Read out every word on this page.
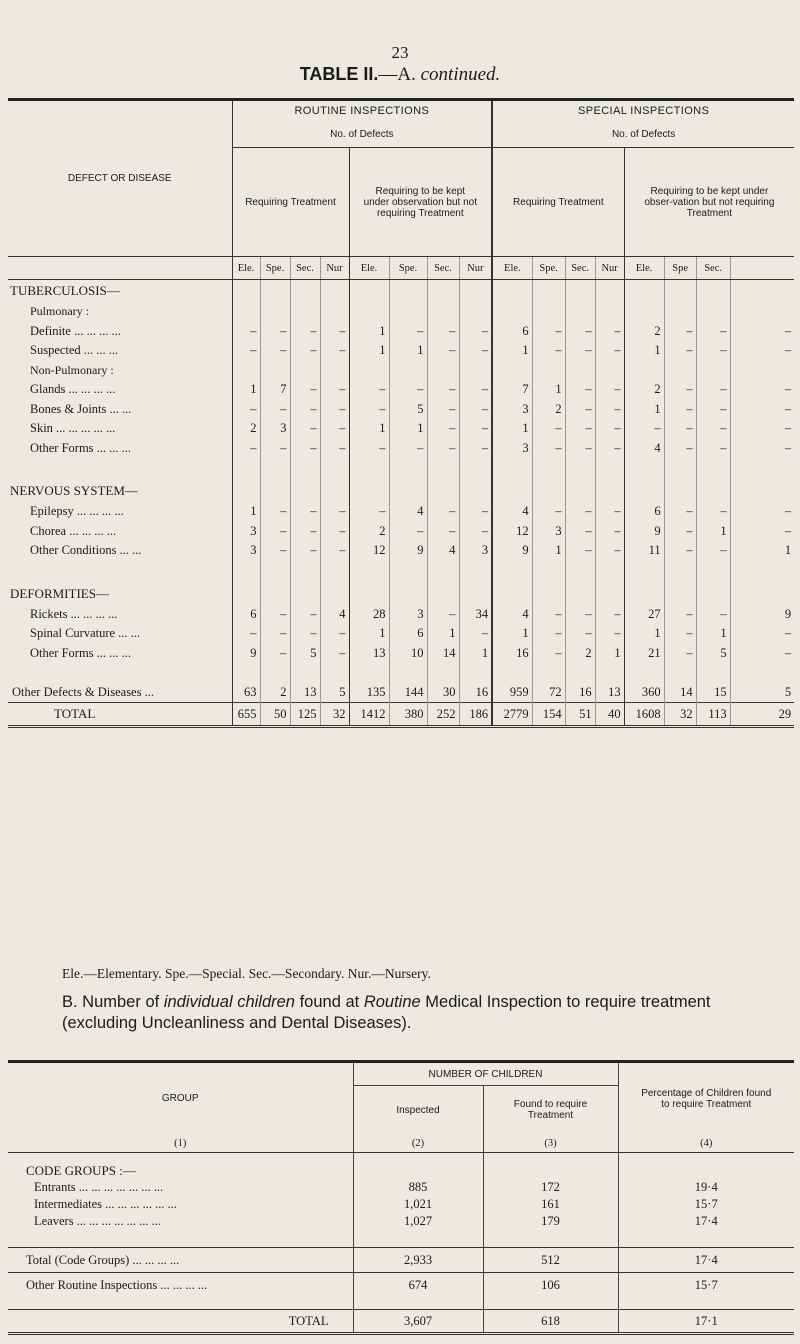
23
TABLE II.—A. continued.
DEFECT OR DISEASE	ROUTINE INSPECTIONS								SPECIAL INSPECTIONS							
	No. of Defects								No. of Defects							
	Requiring Treatment				Requiring to be kept under observation but not requiring Treatment				Requiring Treatment				Requiring to be kept under obser-vation but not requiring Treatment			
	Ele.	Spe.	Sec.	Nur	Ele.	Spe.	Sec.	Nur	Ele.	Spe.	Sec.	Nur	Ele.	Spe	Sec.	
TUBERCULOSIS—																
Pulmonary :																
Definite ... ... ... ...	–	–	–	–	1	–	–	–	6	–	–	–	2	–	–	–
Suspected ... ... ...	–	–	–	–	1	1	–	–	1	–	–	–	1	–	–	–
Non-Pulmonary :																
Glands ... ... ... ...	1	7	–	–	–	–	–	–	7	1	–	–	2	–	–	–
Bones & Joints ... ...	–	–	–	–	–	5	–	–	3	2	–	–	1	–	–	–
Skin ... ... ... ... ...	2	3	–	–	1	1	–	–	1	–	–	–	–	–	–	–
Other Forms ... ... ...	–	–	–	–	–	–	–	–	3	–	–	–	4	–	–	–

NERVOUS SYSTEM—																
Epilepsy ... ... ... ...	1	–	–	–	–	4	–	–	4	–	–	–	6	–	–	–
Chorea ... ... ... ...	3	–	–	–	2	–	–	–	12	3	–	–	9	–	1	–
Other Conditions ... ...	3	–	–	–	12	9	4	3	9	1	–	–	11	–	–	1

DEFORMITIES—																
Rickets ... ... ... ...	6	–	–	4	28	3	–	34	4	–	–	–	27	–	–	9
Spinal Curvature ... ...	–	–	–	–	1	6	1	–	1	–	–	–	1	–	1	–
Other Forms ... ... ...	9	–	5	–	13	10	14	1	16	–	2	1	21	–	5	–

Other Defects & Diseases ...	63	2	13	5	135	144	30	16	959	72	16	13	360	14	15	5
TOTAL	655	50	125	32	1412	380	252	186	2779	154	51	40	1608	32	113	29
Ele.—Elementary. Spe.—Special. Sec.—Secondary. Nur.—Nursery.
B. Number of individual children found at Routine Medical Inspection to require treatment (excluding Uncleanliness and Dental Diseases).
GROUP	NUMBER OF CHILDREN		Percentage of Children found to require Treatment
	Inspected	Found to require Treatment	
(1)	(2)	(3)	(4)
CODE GROUPS :—			
Entrants ... ... ... ... ... ... ...	885	172	19·4
Intermediates ... ... ... ... ... ...	1,021	161	15·7
Leavers ... ... ... ... ... ... ...	1,027	179	17·4

Total (Code Groups) ... ... ... ...	2,933	512	17·4
Other Routine Inspections ... ... ... ...	674	106	15·7
TOTAL	3,607	618	17·1
